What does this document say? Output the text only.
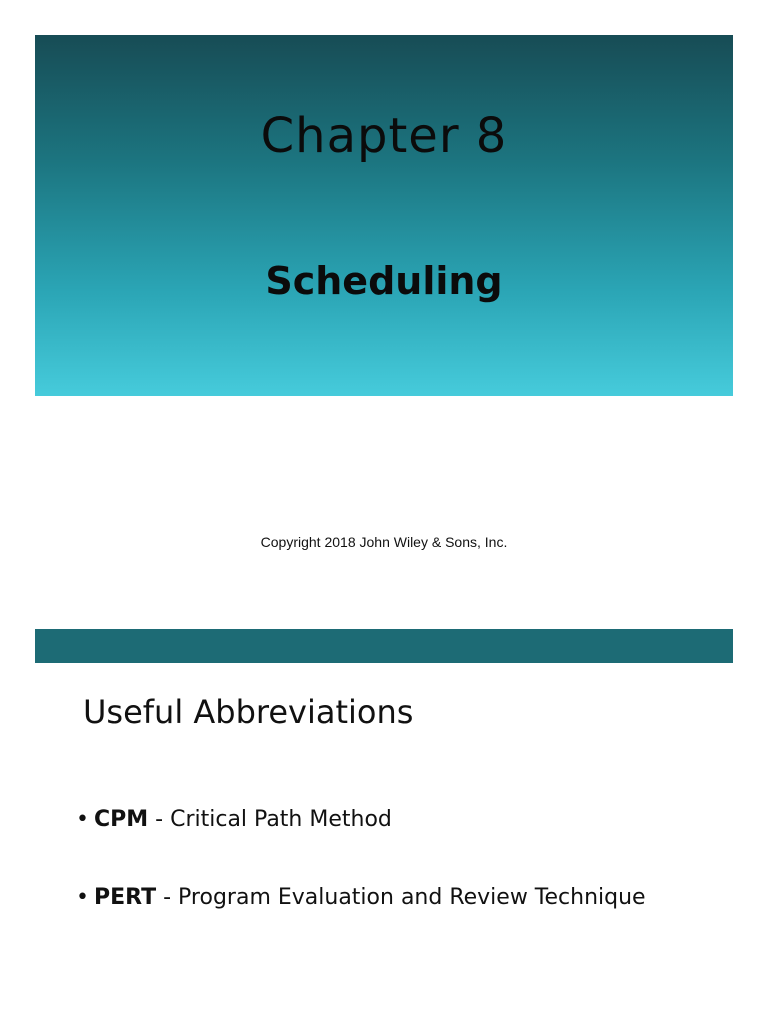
Chapter 8
Scheduling
Copyright 2018 John Wiley & Sons, Inc.
Useful Abbreviations
• CPM - Critical Path Method
• PERT - Program Evaluation and Review Technique
